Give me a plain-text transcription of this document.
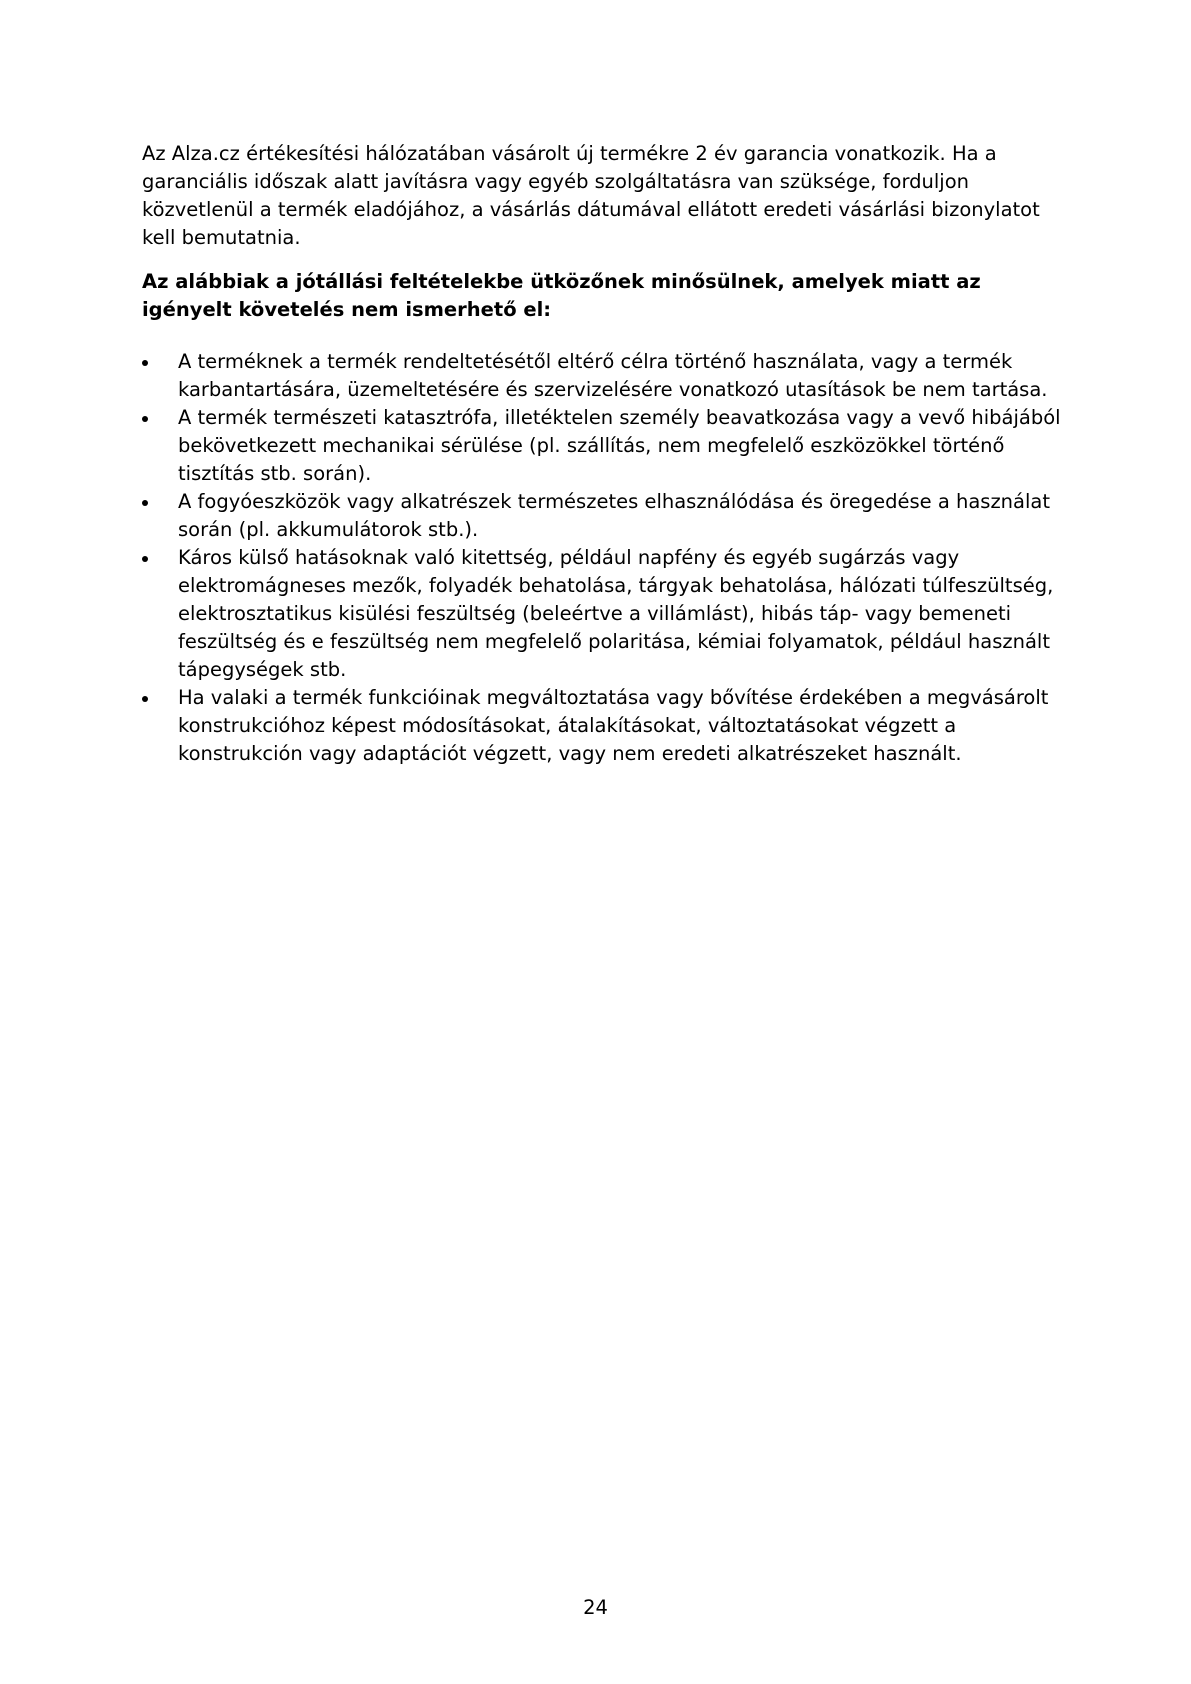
Az Alza.cz értékesítési hálózatában vásárolt új termékre 2 év garancia vonatkozik. Ha a garanciális időszak alatt javításra vagy egyéb szolgáltatásra van szüksége, forduljon közvetlenül a termék eladójához, a vásárlás dátumával ellátott eredeti vásárlási bizonylatot kell bemutatnia.

Az alábbiak a jótállási feltételekbe ütközőnek minősülnek, amelyek miatt az igényelt követelés nem ismerhető el:

A terméknek a termék rendeltetésétől eltérő célra történő használata, vagy a termék karbantartására, üzemeltetésére és szervizelésére vonatkozó utasítások be nem tartása.
A termék természeti katasztrófa, illetéktelen személy beavatkozása vagy a vevő hibájából bekövetkezett mechanikai sérülése (pl. szállítás, nem megfelelő eszközökkel történő tisztítás stb. során).
A fogyóeszközök vagy alkatrészek természetes elhasználódása és öregedése a használat során (pl. akkumulátorok stb.).
Káros külső hatásoknak való kitettség, például napfény és egyéb sugárzás vagy elektromágneses mezők, folyadék behatolása, tárgyak behatolása, hálózati túlfeszültség, elektrosztatikus kisülési feszültség (beleértve a villámlást), hibás táp- vagy bemeneti feszültség és e feszültség nem megfelelő polaritása, kémiai folyamatok, például használt tápegységek stb.
Ha valaki a termék funkcióinak megváltoztatása vagy bővítése érdekében a megvásárolt konstrukcióhoz képest módosításokat, átalakításokat, változtatásokat végzett a konstrukción vagy adaptációt végzett, vagy nem eredeti alkatrészeket használt.
24
